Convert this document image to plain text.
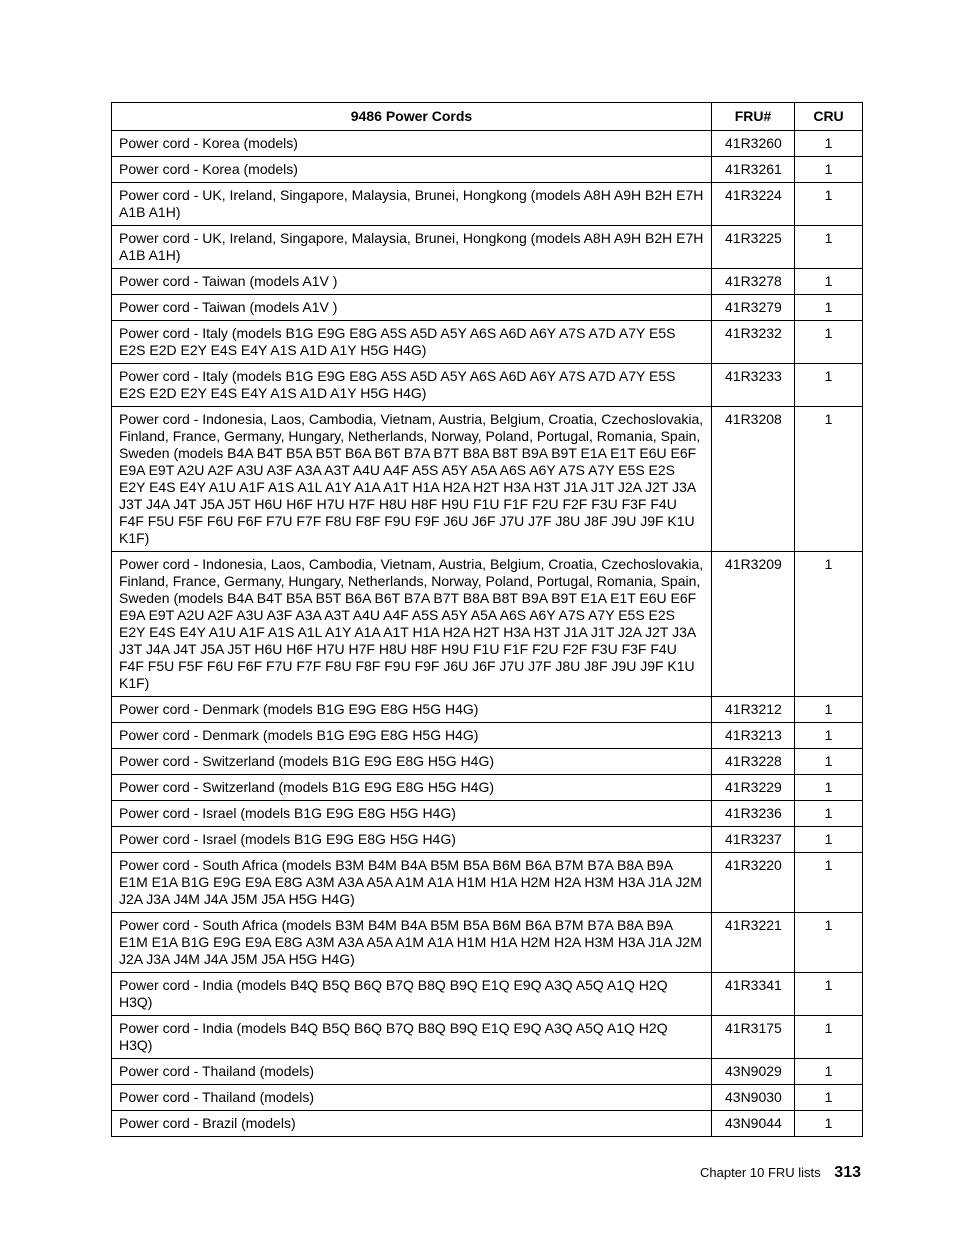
9486 Power Cords	FRU#	CRU
Power cord - Korea (models)	41R3260	1
Power cord - Korea (models)	41R3261	1
Power cord - UK, Ireland, Singapore, Malaysia, Brunei, Hongkong (models A8H A9H B2H E7H A1B A1H)	41R3224	1
Power cord - UK, Ireland, Singapore, Malaysia, Brunei, Hongkong (models A8H A9H B2H E7H A1B A1H)	41R3225	1
Power cord - Taiwan (models A1V )	41R3278	1
Power cord - Taiwan (models A1V )	41R3279	1
Power cord - Italy (models B1G E9G E8G A5S A5D A5Y A6S A6D A6Y A7S A7D A7Y E5S E2S E2D E2Y E4S E4Y A1S A1D A1Y H5G H4G)	41R3232	1
Power cord - Italy (models B1G E9G E8G A5S A5D A5Y A6S A6D A6Y A7S A7D A7Y E5S E2S E2D E2Y E4S E4Y A1S A1D A1Y H5G H4G)	41R3233	1
Power cord - Indonesia, Laos, Cambodia, Vietnam, Austria, Belgium, Croatia, Czechoslovakia, Finland, France, Germany, Hungary, Netherlands, Norway, Poland, Portugal, Romania, Spain, Sweden (models B4A B4T B5A B5T B6A B6T B7A B7T B8A B8T B9A B9T E1A E1T E6U E6F E9A E9T A2U A2F A3U A3F A3A A3T A4U A4F A5S A5Y A5A A6S A6Y A7S A7Y E5S E2S E2Y E4S E4Y A1U A1F A1S A1L A1Y A1A A1T H1A H2A H2T H3A H3T J1A J1T J2A J2T J3A J3T J4A J4T J5A J5T H6U H6F H7U H7F H8U H8F H9U F1U F1F F2U F2F F3U F3F F4U F4F F5U F5F F6U F6F F7U F7F F8U F8F F9U F9F J6U J6F J7U J7F J8U J8F J9U J9F K1U K1F)	41R3208	1
Power cord - Indonesia, Laos, Cambodia, Vietnam, Austria, Belgium, Croatia, Czechoslovakia, Finland, France, Germany, Hungary, Netherlands, Norway, Poland, Portugal, Romania, Spain, Sweden (models B4A B4T B5A B5T B6A B6T B7A B7T B8A B8T B9A B9T E1A E1T E6U E6F E9A E9T A2U A2F A3U A3F A3A A3T A4U A4F A5S A5Y A5A A6S A6Y A7S A7Y E5S E2S E2Y E4S E4Y A1U A1F A1S A1L A1Y A1A A1T H1A H2A H2T H3A H3T J1A J1T J2A J2T J3A J3T J4A J4T J5A J5T H6U H6F H7U H7F H8U H8F H9U F1U F1F F2U F2F F3U F3F F4U F4F F5U F5F F6U F6F F7U F7F F8U F8F F9U F9F J6U J6F J7U J7F J8U J8F J9U J9F K1U K1F)	41R3209	1
Power cord - Denmark (models B1G E9G E8G H5G H4G)	41R3212	1
Power cord - Denmark (models B1G E9G E8G H5G H4G)	41R3213	1
Power cord - Switzerland (models B1G E9G E8G H5G H4G)	41R3228	1
Power cord - Switzerland (models B1G E9G E8G H5G H4G)	41R3229	1
Power cord - Israel (models B1G E9G E8G H5G H4G)	41R3236	1
Power cord - Israel (models B1G E9G E8G H5G H4G)	41R3237	1
Power cord - South Africa (models B3M B4M B4A B5M B5A B6M B6A B7M B7A B8A B9A E1M E1A B1G E9G E9A E8G A3M A3A A5A A1M A1A H1M H1A H2M H2A H3M H3A J1A J2M J2A J3A J4M J4A J5M J5A H5G H4G)	41R3220	1
Power cord - South Africa (models B3M B4M B4A B5M B5A B6M B6A B7M B7A B8A B9A E1M E1A B1G E9G E9A E8G A3M A3A A5A A1M A1A H1M H1A H2M H2A H3M H3A J1A J2M J2A J3A J4M J4A J5M J5A H5G H4G)	41R3221	1
Power cord - India (models B4Q B5Q B6Q B7Q B8Q B9Q E1Q E9Q A3Q A5Q A1Q H2Q H3Q)	41R3341	1
Power cord - India (models B4Q B5Q B6Q B7Q B8Q B9Q E1Q E9Q A3Q A5Q A1Q H2Q H3Q)	41R3175	1
Power cord - Thailand (models)	43N9029	1
Power cord - Thailand (models)	43N9030	1
Power cord - Brazil (models)	43N9044	1
Chapter 10 FRU lists 313
